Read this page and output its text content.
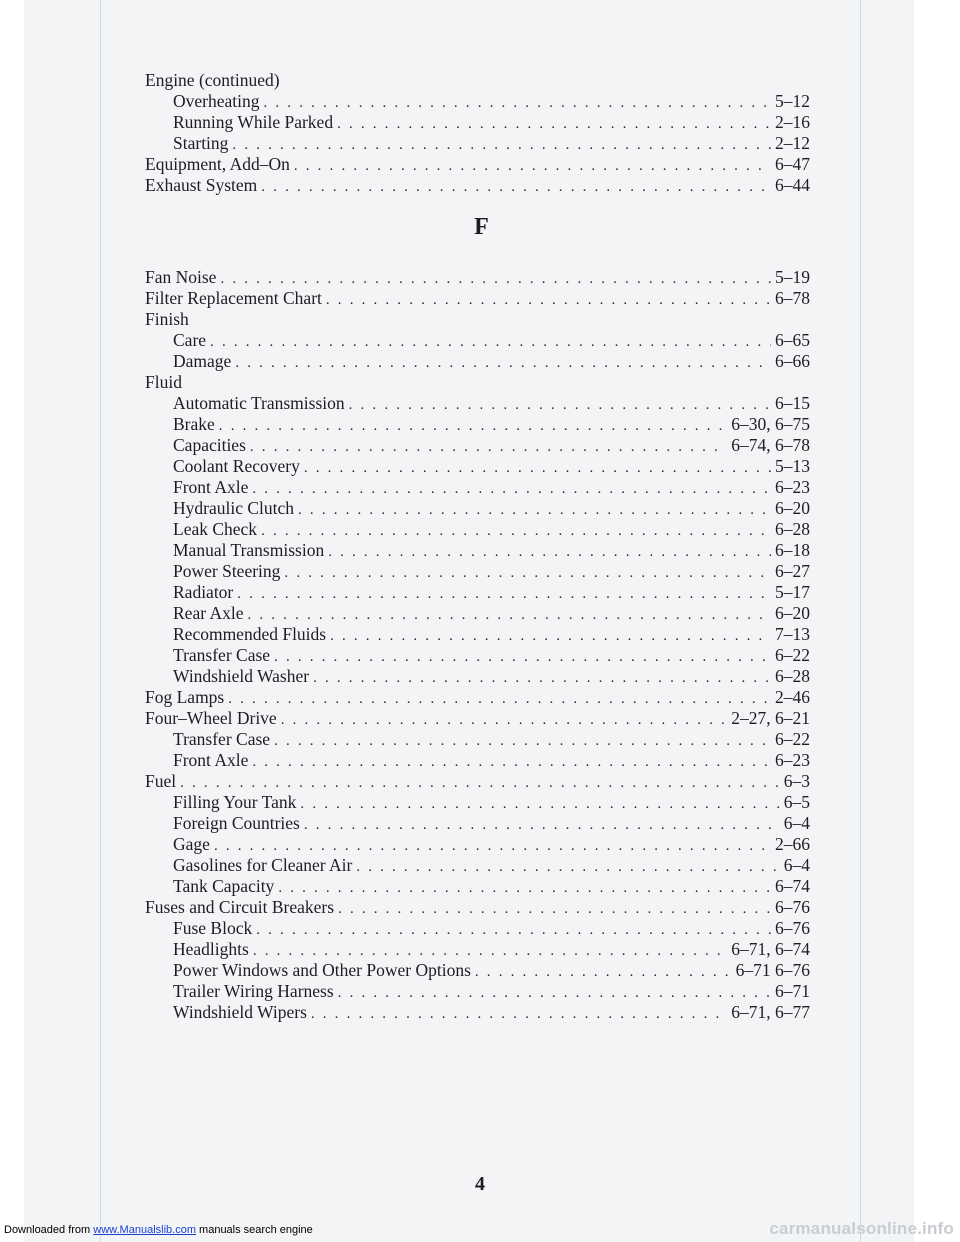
Engine (continued)
Overheating . . .	5–12
Running While Parked . . .	2–16
Starting . . .	2–12
Equipment, Add–On . . .	6–47
Exhaust System . . .	6–44
F
Fan Noise . . .	5–19
Filter Replacement Chart . . .	6–78
Finish
Care . . .	6–65
Damage . . .	6–66
Fluid
Automatic Transmission . . .	6–15
Brake . . .	6–30, 6–75
Capacities . . .	6–74, 6–78
Coolant Recovery . . .	5–13
Front Axle . . .	6–23
Hydraulic Clutch . . .	6–20
Leak Check . . .	6–28
Manual Transmission . . .	6–18
Power Steering . . .	6–27
Radiator . . .	5–17
Rear Axle . . .	6–20
Recommended Fluids . . .	7–13
Transfer Case . . .	6–22
Windshield Washer . . .	6–28
Fog Lamps . . .	2–46
Four–Wheel Drive . . .	2–27, 6–21
Transfer Case . . .	6–22
Front Axle . . .	6–23
Fuel . . .	6–3
Filling Your Tank . . .	6–5
Foreign Countries . . .	6–4
Gage . . .	2–66
Gasolines for Cleaner Air . . .	6–4
Tank Capacity . . .	6–74
Fuses and Circuit Breakers . . .	6–76
Fuse Block . . .	6–76
Headlights . . .	6–71, 6–74
Power Windows and Other Power Options . . .	6–71 6–76
Trailer Wiring Harness . . .	6–71
Windshield Wipers . . .	6–71, 6–77
4
Downloaded from www.Manualslib.com manuals search engine	carmanualsonline.info
